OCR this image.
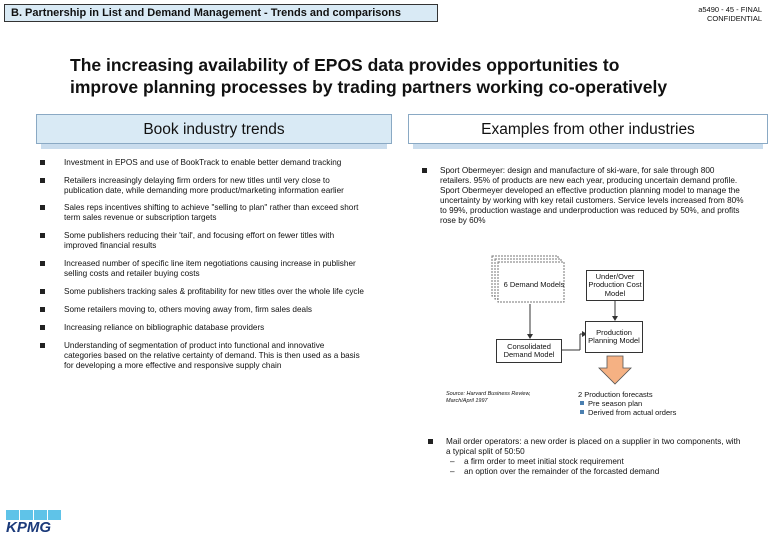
B. Partnership in List and Demand Management - Trends and comparisons	a5490 - 45 - FINAL
CONFIDENTIAL
The increasing availability of EPOS data provides opportunities to
improve planning processes by trading partners working co-operatively
Book industry trends	Examples from other industries
Investment in EPOS and use of BookTrack to enable better demand tracking
Retailers increasingly delaying firm orders for new titles until very close to publication date, while demanding more product/marketing information earlier
Sales reps incentives shifting to achieve "selling to plan" rather than exceed short term sales revenue or subscription targets
Some publishers reducing their 'tail', and focusing effort on fewer titles with improved financial results
Increased number of specific line item negotiations causing increase in publisher selling costs and retailer buying costs
Some publishers tracking sales & profitability for new titles over the whole life cycle
Some retailers moving to, others moving away from, firm sales deals
Increasing reliance on bibliographic database providers
Understanding of segmentation of product into functional and innovative categories based on the relative certainty of demand. This is then used as a basis for developing a more effective and responsive supply chain
Sport Obermeyer: design and manufacture of ski-ware, for sale through 800 retailers. 95% of products are new each year, producing uncertain demand profile. Sport Obermeyer developed an effective production planning model to manage the uncertainty by working with key retail customers. Service levels increased from 80% to 99%, production wastage and underproduction was reduced by 50%, and profits rose by 60%
Mail order operators: a new order is placed on a supplier in two components, with a typical split of 50:50
– a firm order to meet initial stock requirement
– an option over the remainder of the forcasted demand
6 Demand Models
Under/Over Production Cost Model
Production Planning Model
Consolidated Demand Model
Source: Harvard Business Review, March/April 1997
2 Production forecasts
Pre season plan
Derived from actual orders
KPMG
